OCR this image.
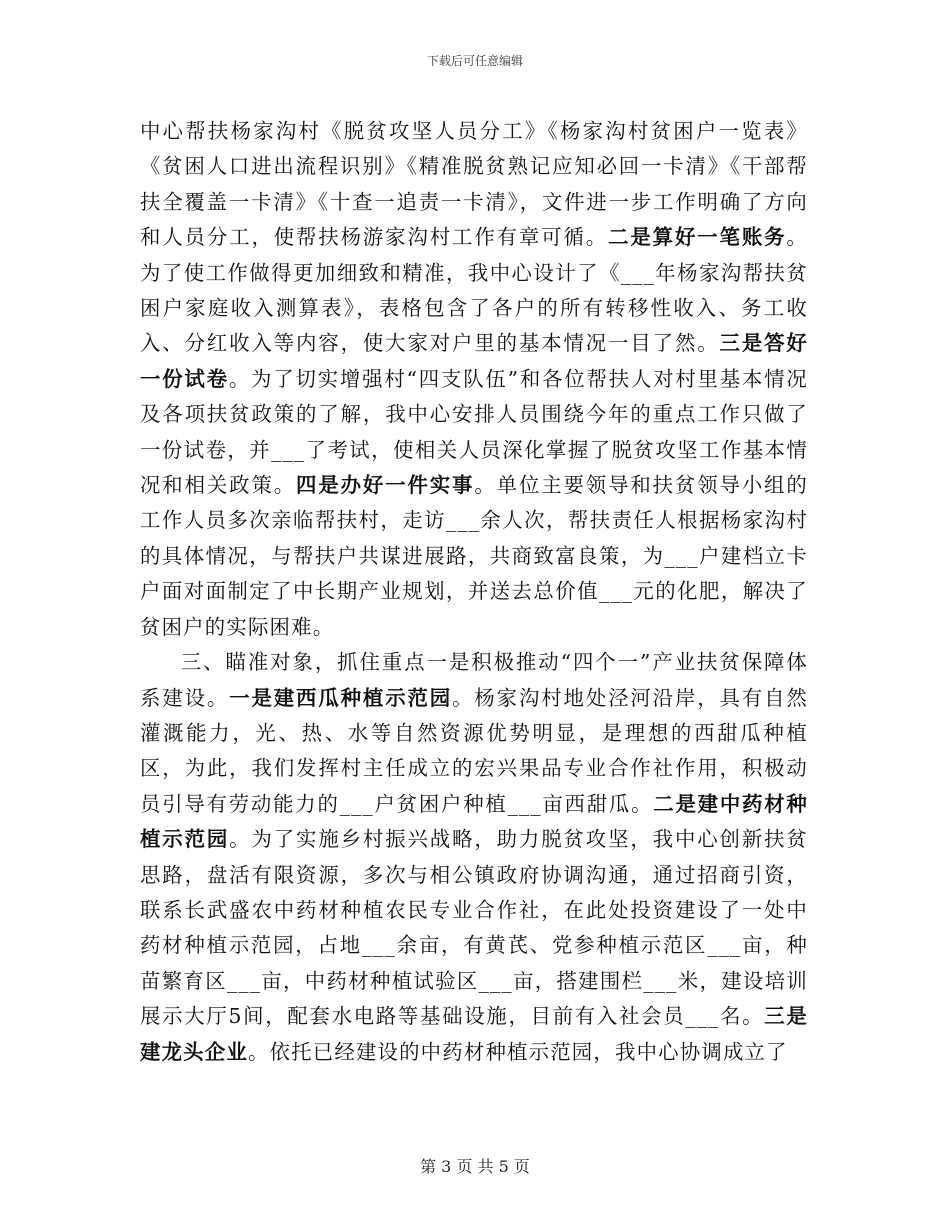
下载后可任意编辑

中心帮扶杨家沟村《脱贫攻坚人员分工》《杨家沟村贫困户一览表》《贫困人口进出流程识别》《精准脱贫熟记应知必回一卡清》《干部帮扶全覆盖一卡清》《十查一追责一卡清》，文件进一步工作明确了方向和人员分工，使帮扶杨游家沟村工作有章可循。二是算好一笔账务。为了使工作做得更加细致和精准，我中心设计了《___年杨家沟帮扶贫困户家庭收入测算表》，表格包含了各户的所有转移性收入、务工收入、分红收入等内容，使大家对户里的基本情况一目了然。三是答好一份试卷。为了切实增强村“四支队伍”和各位帮扶人对村里基本情况及各项扶贫政策的了解，我中心安排人员围绕今年的重点工作只做了一份试卷，并___了考试，使相关人员深化掌握了脱贫攻坚工作基本情况和相关政策。四是办好一件实事。单位主要领导和扶贫领导小组的工作人员多次亲临帮扶村，走访___余人次，帮扶责任人根据杨家沟村的具体情况，与帮扶户共谋进展路，共商致富良策，为___户建档立卡户面对面制定了中长期产业规划，并送去总价值___元的化肥，解决了贫困户的实际困难。

三、瞄准对象，抓住重点一是积极推动“四个一”产业扶贫保障体系建设。一是建西瓜种植示范园。杨家沟村地处泾河沿岸，具有自然灌溉能力，光、热、水等自然资源优势明显，是理想的西甜瓜种植区，为此，我们发挥村主任成立的宏兴果品专业合作社作用，积极动员引导有劳动能力的___户贫困户种植___亩西甜瓜。二是建中药材种植示范园。为了实施乡村振兴战略，助力脱贫攻坚，我中心创新扶贫思路，盘活有限资源，多次与相公镇政府协调沟通，通过招商引资，联系长武盛农中药材种植农民专业合作社，在此处投资建设了一处中药材种植示范园，占地___余亩，有黄芪、党参种植示范区___亩，种苗繁育区___亩，中药材种植试验区___亩，搭建围栏___米，建设培训展示大厅5间，配套水电路等基础设施，目前有入社会员___名。三是建龙头企业。依托已经建设的中药材种植示范园，我中心协调成立了

第 3 页 共 5 页
